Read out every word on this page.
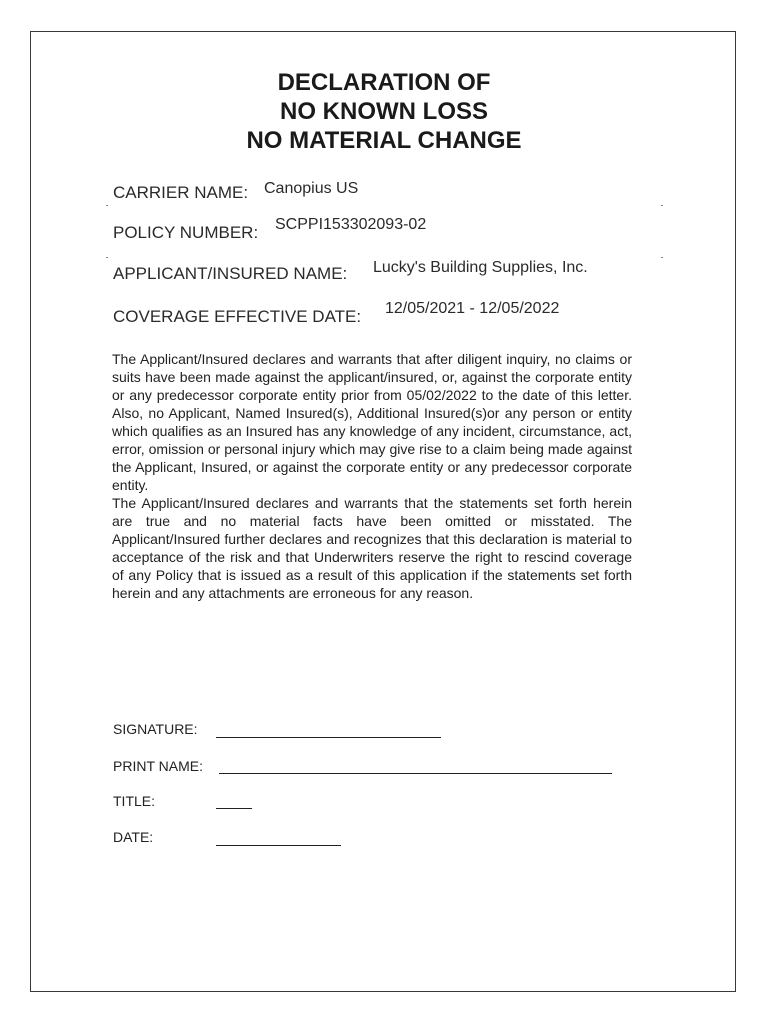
DECLARATION OF
NO KNOWN LOSS
NO MATERIAL CHANGE
CARRIER NAME: Canopius US
POLICY NUMBER: SCPPI153302093-02
APPLICANT/INSURED NAME: Lucky's Building Supplies, Inc.
COVERAGE EFFECTIVE DATE: 12/05/2021 - 12/05/2022

The Applicant/Insured declares and warrants that after diligent inquiry, no claims or suits have been made against the applicant/insured, or, against the corporate entity or any predecessor corporate entity prior from 05/02/2022 to the date of this letter. Also, no Applicant, Named Insured(s), Additional Insured(s)or any person or entity which qualifies as an Insured has any knowledge of any incident, circumstance, act, error, omission or personal injury which may give rise to a claim being made against the Applicant, Insured, or against the corporate entity or any predecessor corporate entity.

The Applicant/Insured declares and warrants that the statements set forth herein are true and no material facts have been omitted or misstated. The Applicant/Insured further declares and recognizes that this declaration is material to acceptance of the risk and that Underwriters reserve the right to rescind coverage of any Policy that is issued as a result of this application if the statements set forth herein and any attachments are erroneous for any reason.

SIGNATURE:
PRINT NAME:
TITLE:
DATE:
